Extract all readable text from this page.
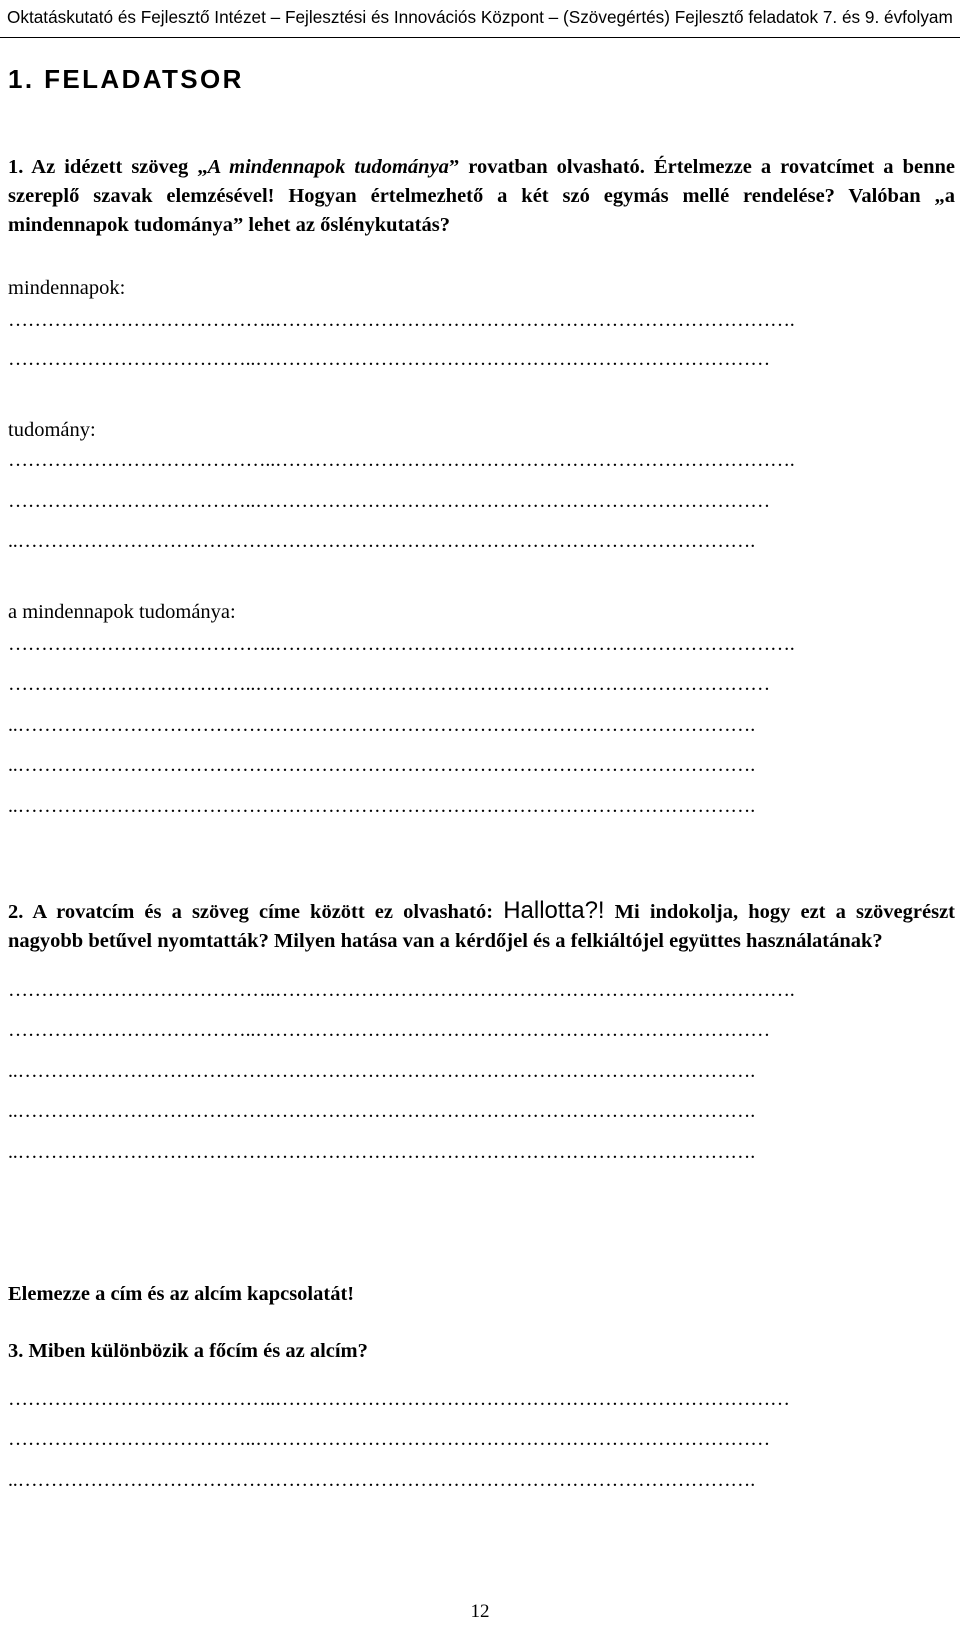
Oktatáskutató és Fejlesztő Intézet – Fejlesztési és Innovációs Központ – (Szövegértés) Fejlesztő feladatok 7. és 9. évfolyam
1. FELADATSOR
1. Az idézett szöveg „A mindennapok tudománya” rovatban olvasható. Értelmezze a rovatcímet a benne szereplő szavak elemzésével! Hogyan értelmezhető a két szó egymás mellé rendelése? Valóban „a mindennapok tudománya” lehet az őslénykutatás?
mindennapok:
…………………………………..…………………………………………………………………….
………………………………..……………………………………………………………………
tudomány:
…………………………………..…………………………………………………………………….
………………………………..……………………………………………………………………
..………………………………………………………………………………………………….
a mindennapok tudománya:
…………………………………..…………………………………………………………………….
………………………………..……………………………………………………………………
..………………………………………………………………………………………………….
..………………………………………………………………………………………………….
..………………………………………………………………………………………………….
2. A rovatcím és a szöveg címe között ez olvasható: Hallotta?! Mi indokolja, hogy ezt a szövegrészt nagyobb betűvel nyomtatták? Milyen hatása van a kérdőjel és a felkiáltójel együttes használatának?
…………………………………..…………………………………………………………………….
………………………………..……………………………………………………………………
..………………………………………………………………………………………………….
..………………………………………………………………………………………………….
..………………………………………………………………………………………………….
Elemezze a cím és az alcím kapcsolatát!
3. Miben különbözik a főcím és az alcím?
…………………………………..……………………………………………………………………
………………………………..……………………………………………………………………
..………………………………………………………………………………………………….
12
